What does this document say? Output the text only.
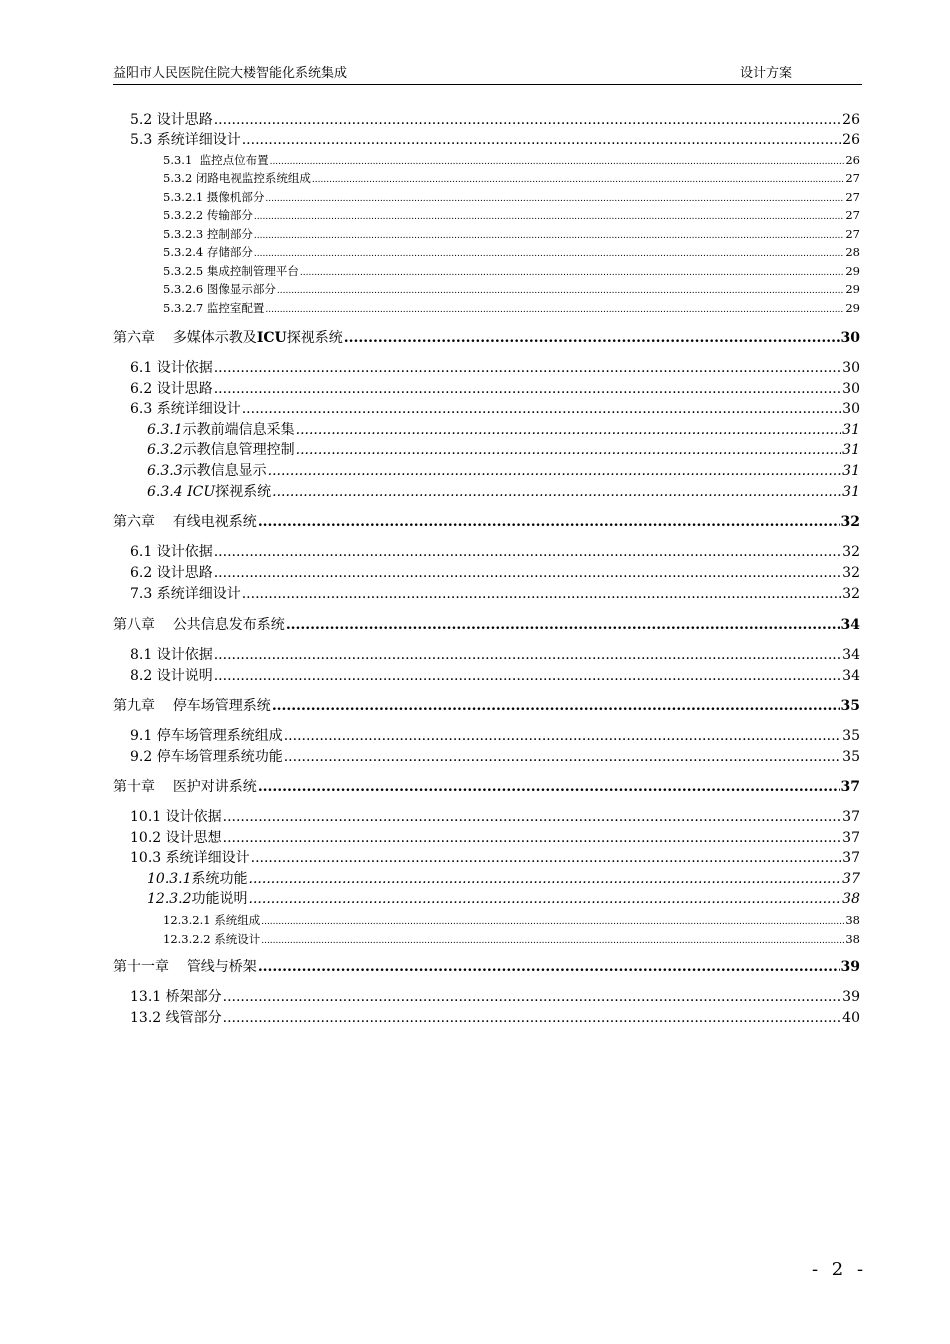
益阳市人民医院住院大楼智能化系统集成	设计方案
5.2 设计思路 .....	26
5.3 系统详细设计 .....	26
5.3.1  监控点位布置 .....	26
5.3.2 闭路电视监控系统组成 .....	27
5.3.2.1 摄像机部分 .....	27
5.3.2.2 传输部分 .....	27
5.3.2.3 控制部分 .....	27
5.3.2.4 存储部分 .....	28
5.3.2.5 集成控制管理平台 .....	29
5.3.2.6 图像显示部分 .....	29
5.3.2.7 监控室配置 .....	29
第六章 多媒体示教及ICU探视系统 .....	30
6.1 设计依据 .....	30
6.2 设计思路 .....	30
6.3 系统详细设计 .....	30
6.3.1示教前端信息采集 .....	31
6.3.2示教信息管理控制 .....	31
6.3.3示教信息显示 .....	31
6.3.4 ICU探视系统 .....	31
第六章 有线电视系统 .....	32
6.1 设计依据 .....	32
6.2 设计思路 .....	32
7.3 系统详细设计 .....	32
第八章 公共信息发布系统 .....	34
8.1 设计依据 .....	34
8.2 设计说明 .....	34
第九章 停车场管理系统 .....	35
9.1 停车场管理系统组成 .....	35
9.2 停车场管理系统功能 .....	35
第十章 医护对讲系统 .....	37
10.1 设计依据 .....	37
10.2 设计思想 .....	37
10.3 系统详细设计 .....	37
10.3.1系统功能 .....	37
12.3.2功能说明 .....	38
12.3.2.1 系统组成 .....	38
12.3.2.2 系统设计 .....	38
第十一章 管线与桥架 .....	39
13.1 桥架部分 .....	39
13.2 线管部分 .....	40
- 2 -
